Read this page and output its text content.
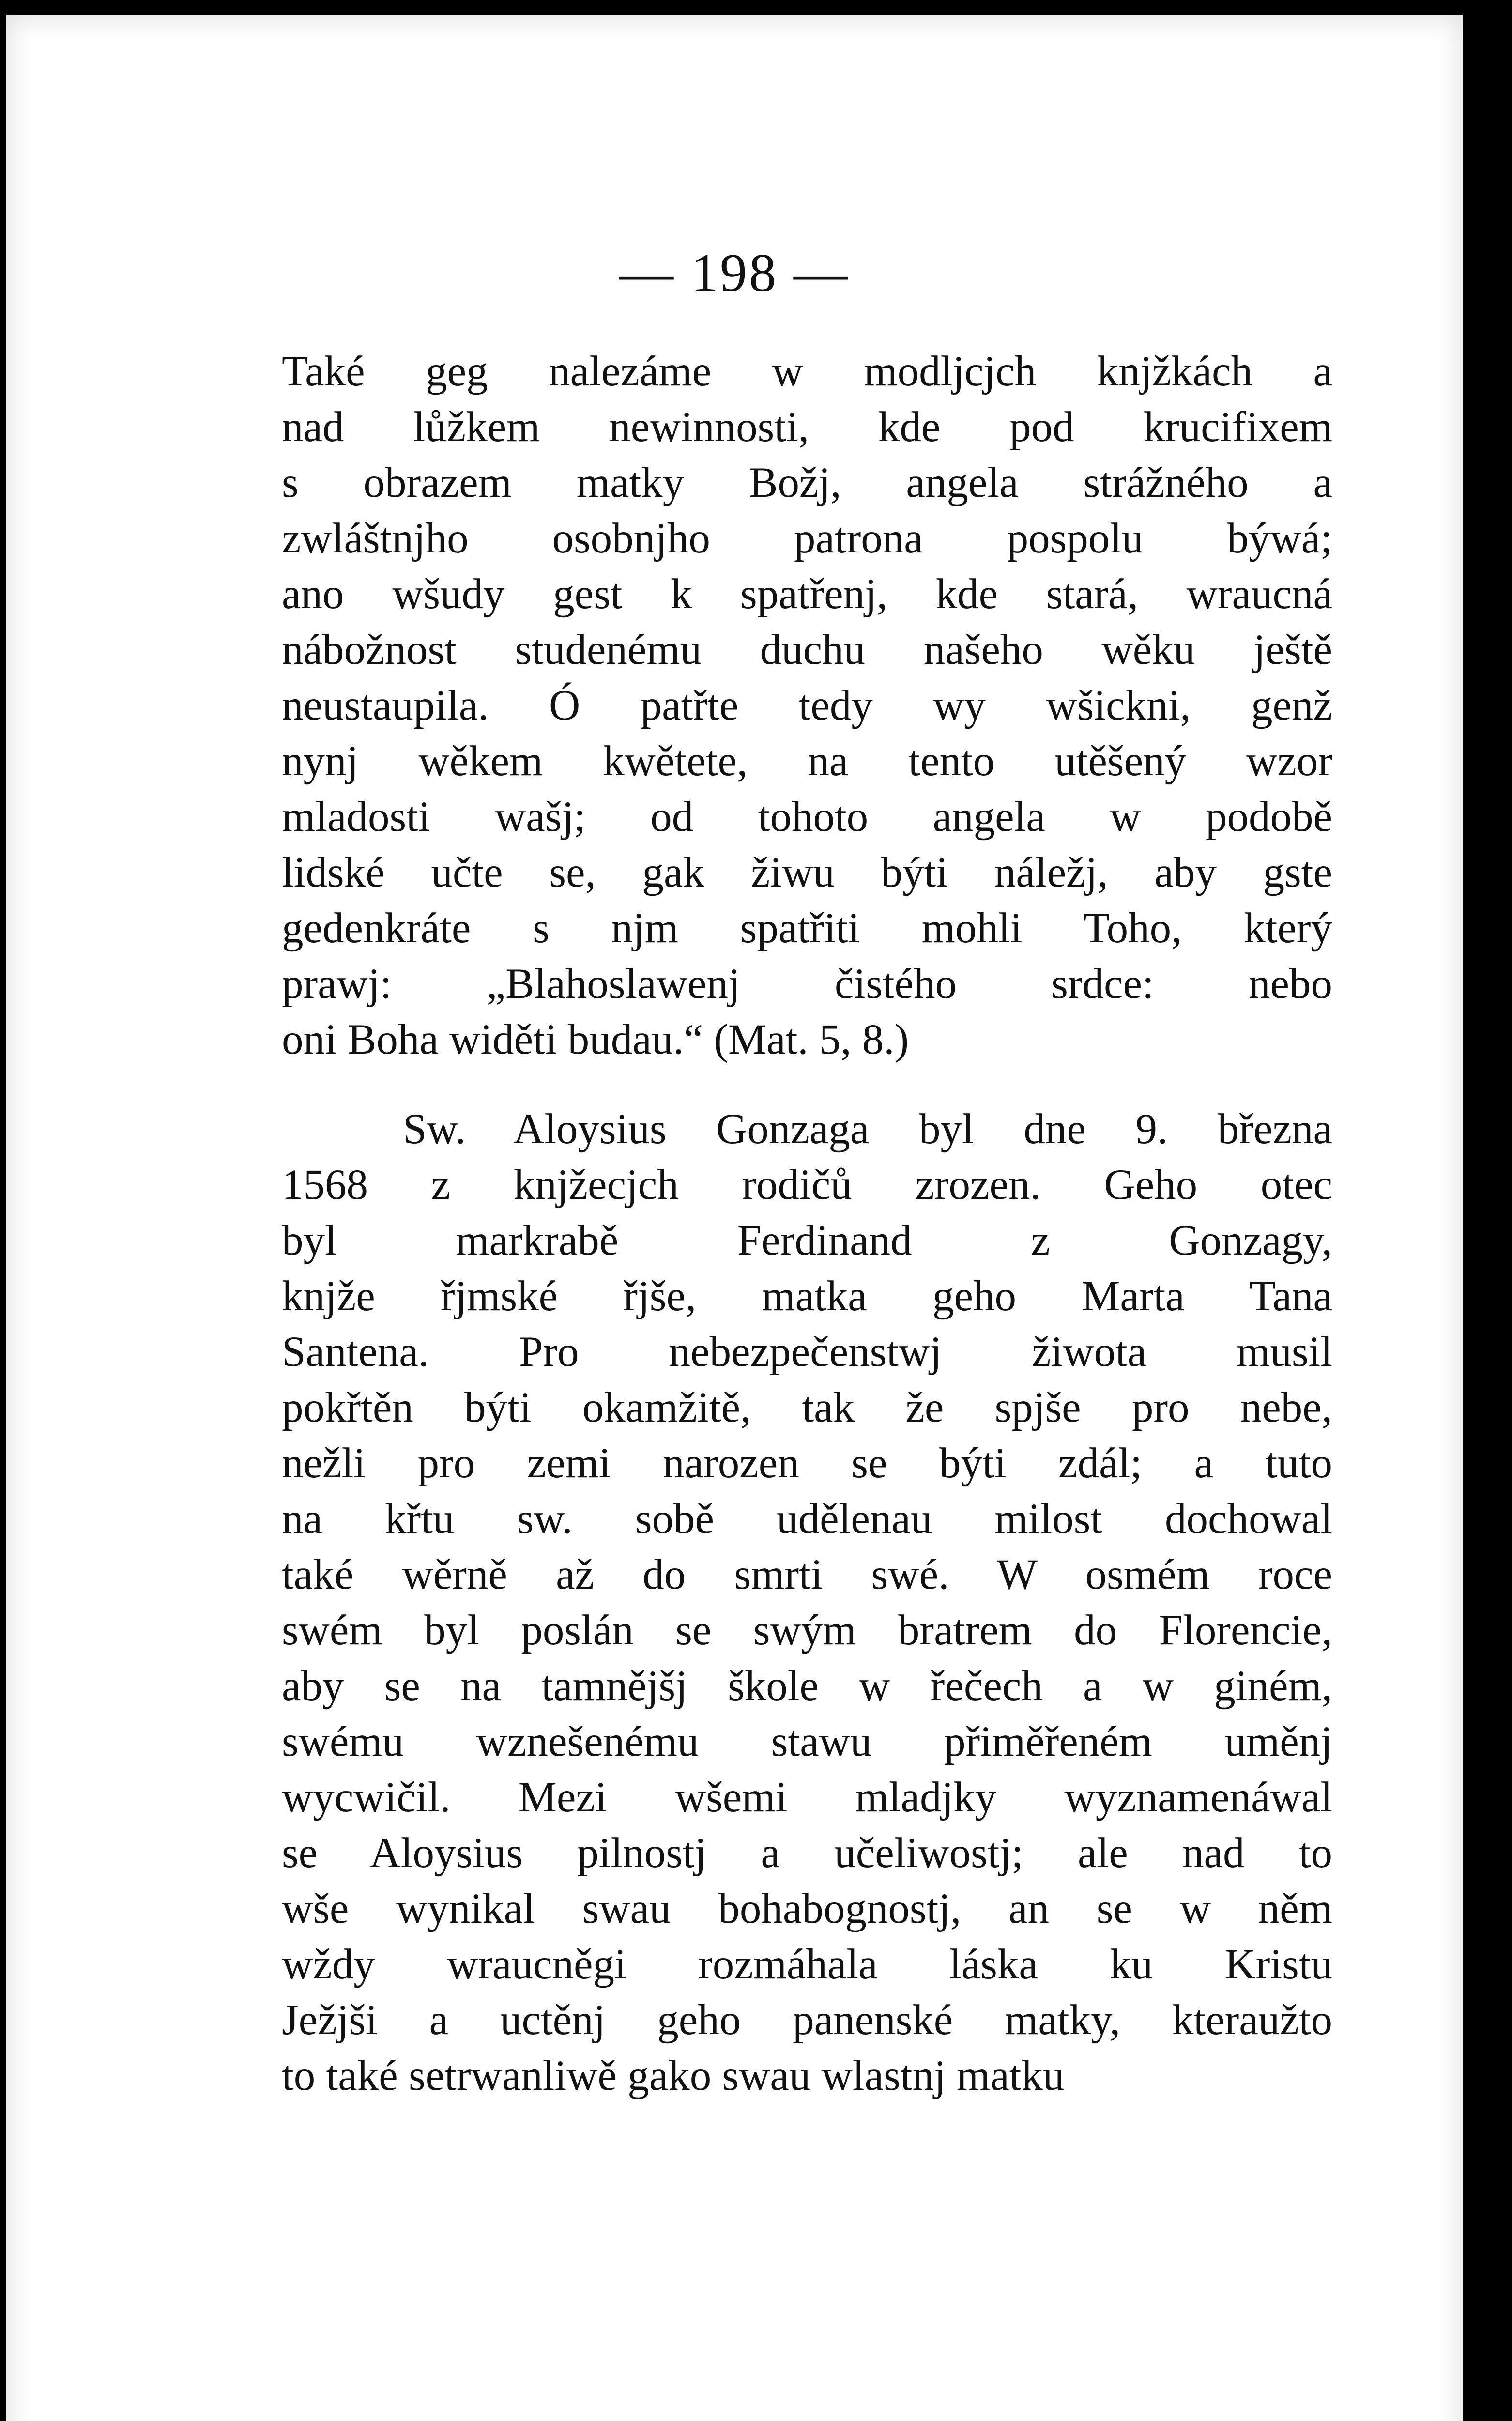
— 198 —
Také geg nalezáme w modljcjch knjžkách a
nad lůžkem newinnosti, kde pod krucifixem
s obrazem matky Božj, angela strážného a
zwláštnjho osobnjho patrona pospolu býwá;
ano wšudy gest k spatřenj, kde stará, wraucná
nábožnost studenému duchu našeho wěku ještě
neustaupila. Ó patřte tedy wy wšickni, genž
nynj wěkem kwětete, na tento utěšený wzor
mladosti wašj; od tohoto angela w podobě
lidské učte se, gak žiwu býti náležj, aby gste
gedenkráte s njm spatřiti mohli Toho, který
prawj: „Blahoslawenj čistého srdce: nebo
oni Boha widěti budau.“ (Mat. 5, 8.)
Sw. Aloysius Gonzaga byl dne 9. března
1568 z knjžecjch rodičů zrozen. Geho otec
byl markrabě Ferdinand z Gonzagy,
knjže řjmské řjše, matka geho Marta Tana
Santena. Pro nebezpečenstwj žiwota musil
pokřtěn býti okamžitě, tak že spjše pro nebe,
nežli pro zemi narozen se býti zdál; a tuto
na křtu sw. sobě udělenau milost dochowal
také wěrně až do smrti swé. W osmém roce
swém byl poslán se swým bratrem do Florencie,
aby se na tamnějšj škole w řečech a w giném,
swému wznešenému stawu přiměřeném uměnj
wycwičil. Mezi wšemi mladjky wyznamenáwal
se Aloysius pilnostj a učeliwostj; ale nad to
wše wynikal swau bohabognostj, an se w něm
wždy wraucněgi rozmáhala láska ku Kristu
Ježjši a uctěnj geho panenské matky, kteraužto
to také setrwanliwě gako swau wlastnj matku
